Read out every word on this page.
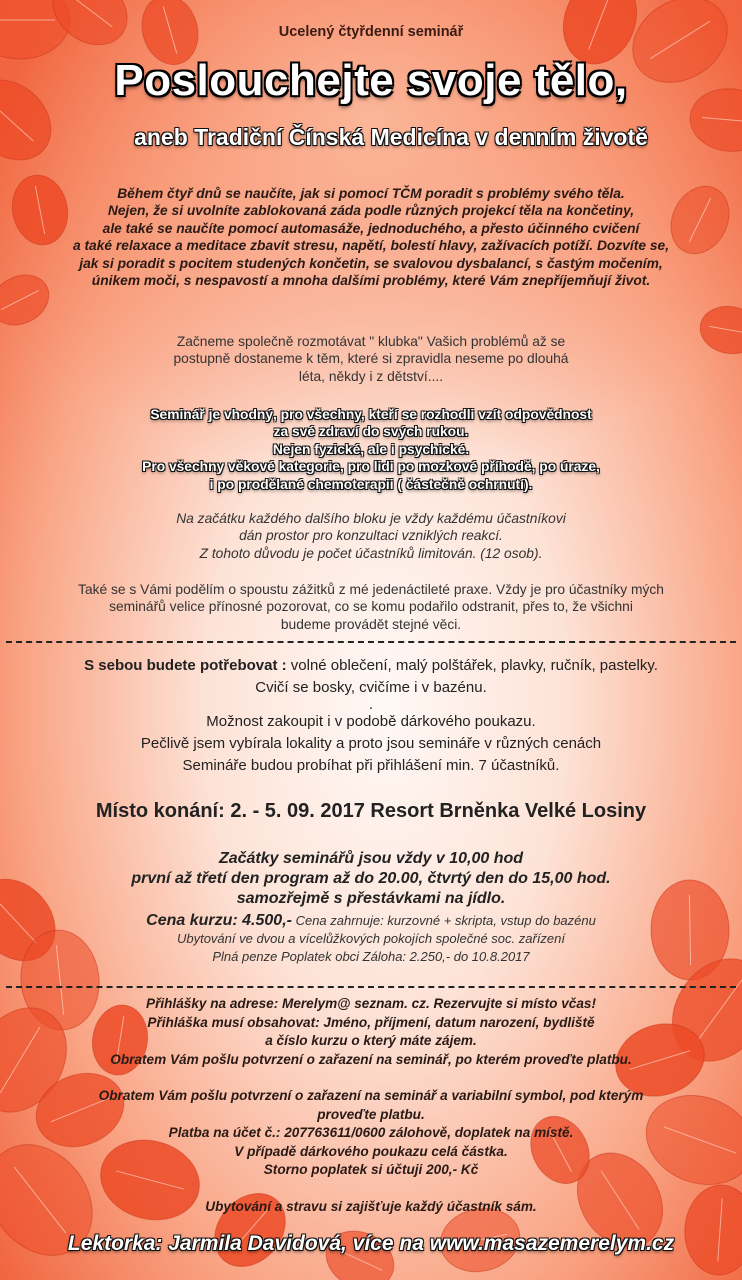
Ucelený čtyřdenní seminář

Poslouchejte svoje tělo,

aneb Tradiční Čínská Medicína v denním životě

Během čtyř dnů se naučíte, jak si pomocí TČM poradit s problémy svého těla.

Nejen, že si uvolníte zablokovaná záda podle různých projekcí těla na končetiny,

ale také se naučíte pomocí automasáže, jednoduchého, a přesto účinného cvičení

a také relaxace a meditace zbavit stresu, napětí, bolestí hlavy, zažívacích potíží. Dozvíte se,

jak si poradit s pocitem studených končetin, se svalovou dysbalancí, s častým močením,

únikem moči, s nespavostí a mnoha dalšími problémy, které Vám znepříjemňují život.

Začneme společně rozmotávat " klubka" Vašich problémů až se

postupně dostaneme k těm, které si zpravidla neseme po dlouhá

léta, někdy i z dětství....

Seminář je vhodný, pro všechny, kteří se rozhodli vzít odpovědnost

za své zdraví do svých rukou.

Nejen fyzické, ale i psychické.

Pro všechny věkové kategorie, pro lidi po mozkové příhodě, po úraze,

i po prodělané chemoterapii ( částečně ochrnutí).

Na začátku každého dalšího bloku je vždy každému účastníkovi

dán prostor pro konzultaci vzniklých reakcí.

Z tohoto důvodu je počet účastníků limitován. (12 osob).

Také se s Vámi podělím o spoustu zážitků z mé jedenáctileté praxe. Vždy je pro účastníky mých

seminářů velice přínosné pozorovat, co se komu podařilo odstranit, přes to, že všichni

budeme provádět stejné věci.

S sebou budete potřebovat : volné oblečení, malý polštářek, plavky, ručník, pastelky.

Cvičí se bosky, cvičíme i v bazénu.

.

Možnost zakoupit i v podobě dárkového poukazu.

Pečlivě jsem vybírala lokality a proto jsou semináře v různých cenách

Semináře budou probíhat při přihlášení min. 7 účastníků.

Místo konání: 2. - 5. 09. 2017 Resort Brněnka Velké Losiny

Začátky seminářů jsou vždy v 10,00 hod

první až třetí den program až do 20.00, čtvrtý den do 15,00 hod.

samozřejmě s přestávkami na jídlo.

Cena kurzu: 4.500,- Cena zahrnuje: kurzovné + skripta, vstup do bazénu

Ubytování ve dvou a vícelůžkových pokojích společné soc. zařízení

Plná penze Poplatek obci Záloha: 2.250,- do 10.8.2017

Přihlášky na adrese: Merelym@ seznam. cz. Rezervujte si místo včas!

Přihláška musí obsahovat: Jméno, příjmení, datum narození, bydliště

a číslo kurzu o který máte zájem.

Obratem Vám pošlu potvrzení o zařazení na seminář, po kterém proveďte platbu.

Obratem Vám pošlu potvrzení o zařazení na seminář a variabilní symbol, pod kterým

proveďte platbu.

Platba na účet č.: 207763611/0600 zálohově, doplatek na místě.

V případě dárkového poukazu celá částka.

Storno poplatek si účtuji 200,- Kč

Ubytování a stravu si zajišťuje každý účastník sám.

Lektorka: Jarmila Davidová, více na www.masazemerelym.cz
